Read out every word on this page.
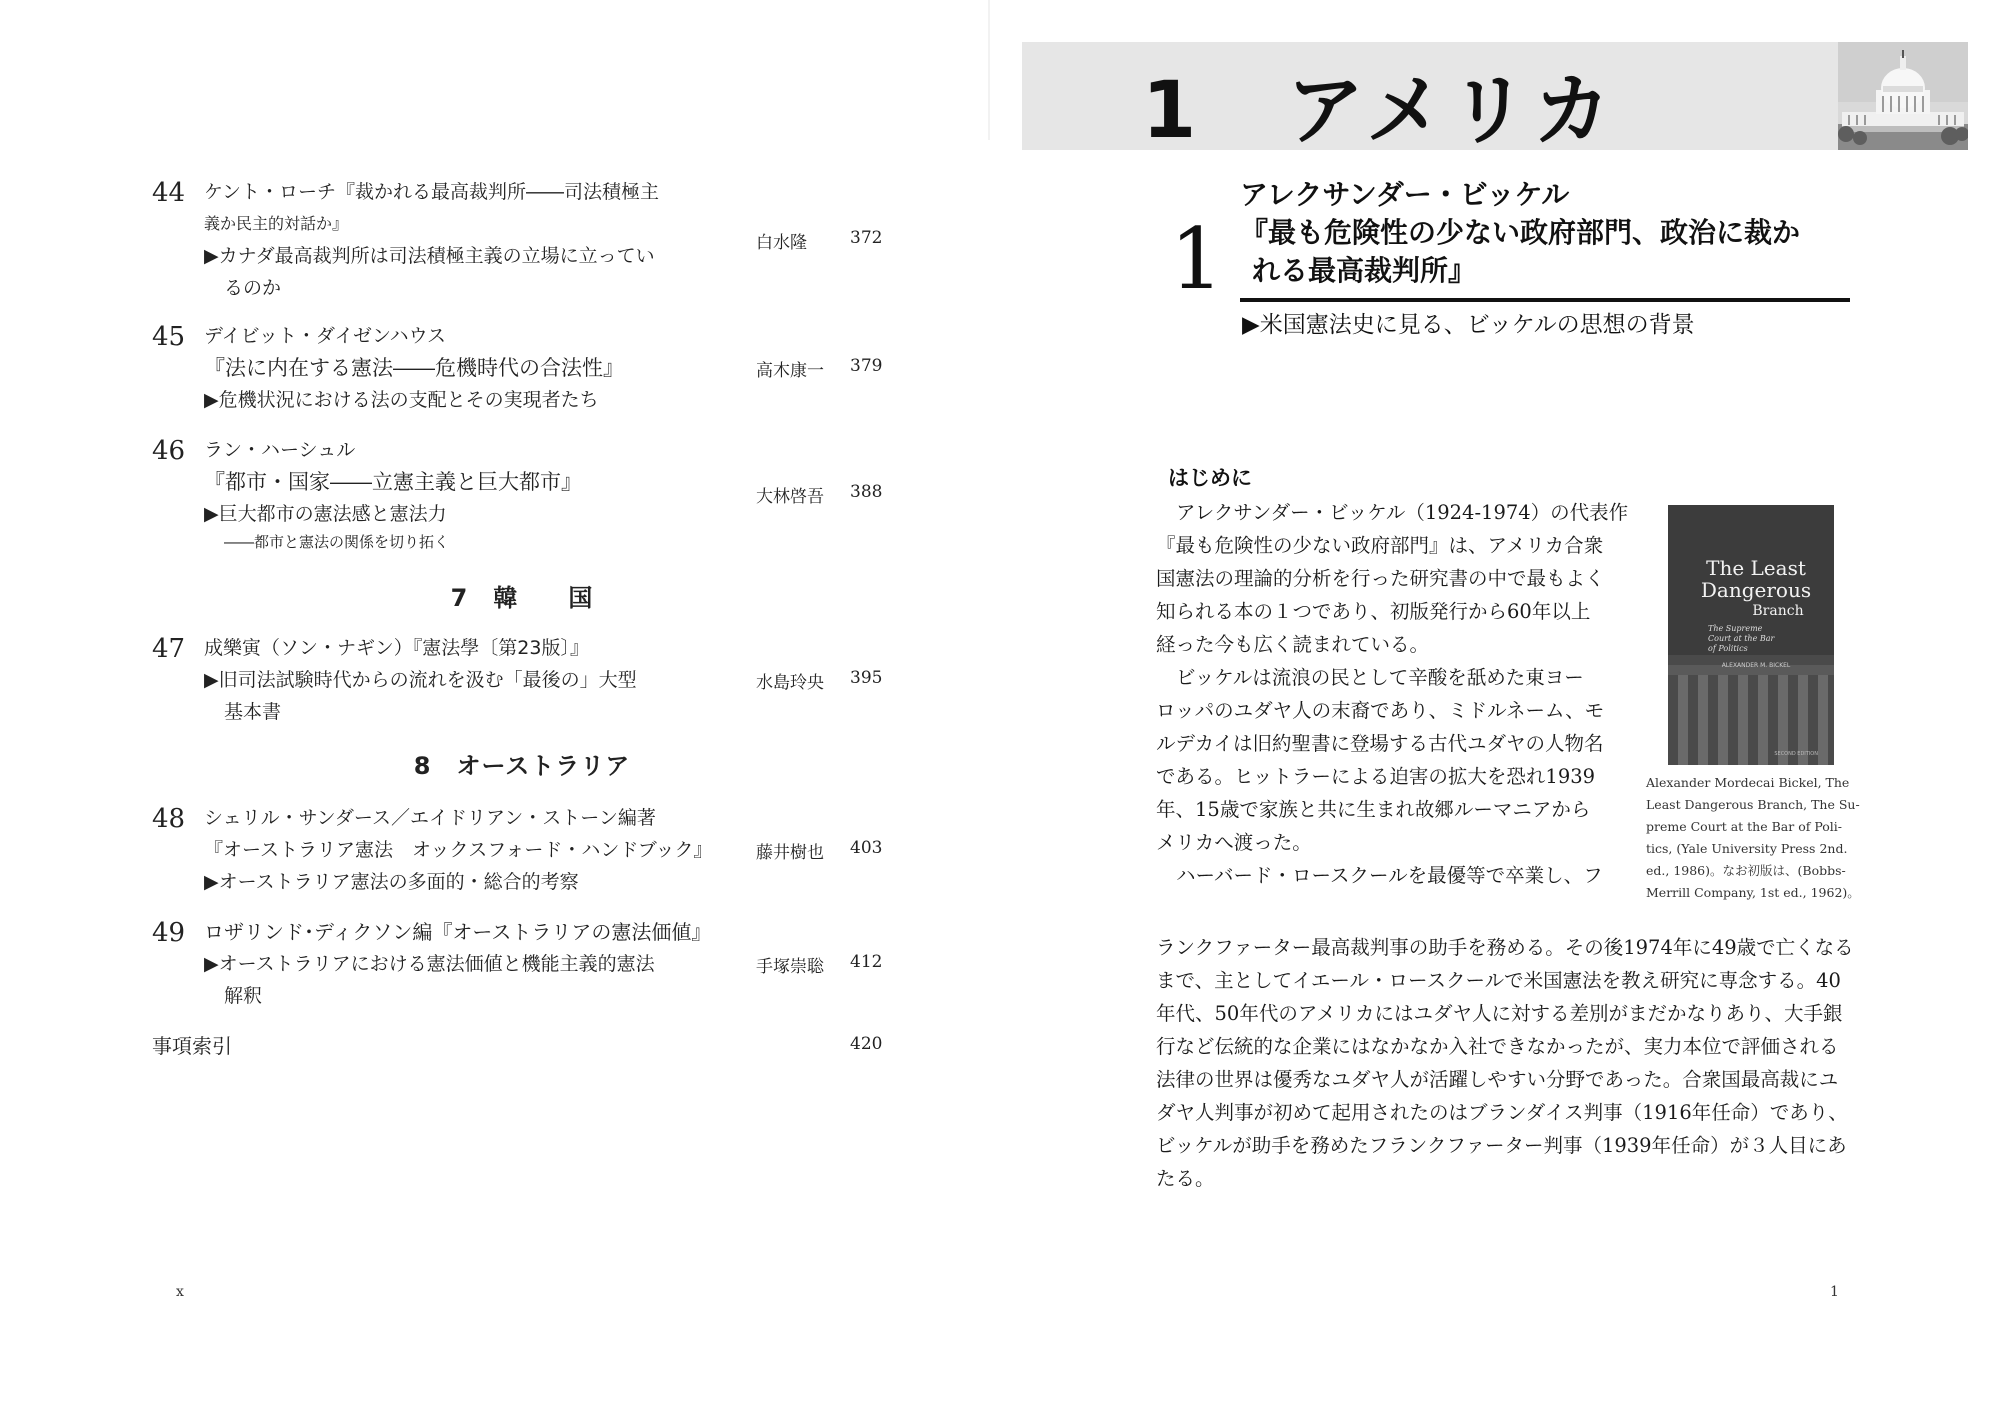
44 ケント・ローチ『裁かれる最高裁判所――司法積極主
義か民主的対話か』
▶カナダ最高裁判所は司法積極主義の立場に立ってい
るのか
白水隆	372
45 デイビット・ダイゼンハウス
『法に内在する憲法――危機時代の合法性』
▶危機状況における法の支配とその実現者たち
高木康一 379
46 ラン・ハーシュル
『都市・国家――立憲主義と巨大都市』
▶巨大都市の憲法感と憲法力
――都市と憲法の関係を切り拓く
大林啓吾 388
7　韓　　国
47 成樂寅（ソン・ナギン）『憲法學〔第23版〕』
▶旧司法試験時代からの流れを汲む「最後の」大型
基本書
水島玲央 395
8　オーストラリア
48 シェリル・サンダース／エイドリアン・ストーン編著
『オーストラリア憲法　オックスフォード・ハンドブック』
▶オーストラリア憲法の多面的・総合的考察
藤井樹也 403
49 ロザリンド･ディクソン編『オーストラリアの憲法価値』
▶オーストラリアにおける憲法価値と機能主義的憲法
解釈
手塚崇聡 412
事項索引	420
x
1　アメリカ
1
アレクサンダー・ビッケル
『最も危険性の少ない政府部門、政治に裁か
れる最高裁判所』
▶米国憲法史に見る、ビッケルの思想の背景
はじめに
アレクサンダー・ビッケル（1924-1974）の代表作
『最も危険性の少ない政府部門』は、アメリカ合衆
国憲法の理論的分析を行った研究書の中で最もよく
知られる本の１つであり、初版発行から60年以上
経った今も広く読まれている。
ビッケルは流浪の民として辛酸を舐めた東ヨー
ロッパのユダヤ人の末裔であり、ミドルネーム、モ
ルデカイは旧約聖書に登場する古代ユダヤの人物名
である。ヒットラーによる迫害の拡大を恐れ1939
年、15歳で家族と共に生まれ故郷ルーマニアから
メリカへ渡った。
ハーバード・ロースクールを最優等で卒業し、フ
ランクファーター最高裁判事の助手を務める。その後1974年に49歳で亡くなる
まで、主としてイエール・ロースクールで米国憲法を教え研究に専念する。40
年代、50年代のアメリカにはユダヤ人に対する差別がまだかなりあり、大手銀
行など伝統的な企業にはなかなか入社できなかったが、実力本位で評価される
法律の世界は優秀なユダヤ人が活躍しやすい分野であった。合衆国最高裁にユ
ダヤ人判事が初めて起用されたのはブランダイス判事（1916年任命）であり、
ビッケルが助手を務めたフランクファーター判事（1939年任命）が３人目にあ
たる。
The Least
Dangerous
Branch
The Supreme
Court at the Bar
of Politics
ALEXANDER M. BICKEL
SECOND EDITION
Alexander Mordecai Bickel, The
Least Dangerous Branch, The Su-
preme Court at the Bar of Poli-
tics, (Yale University Press 2nd.
ed., 1986)。なお初版は、(Bobbs-
Merrill Company, 1st ed., 1962)。
1
